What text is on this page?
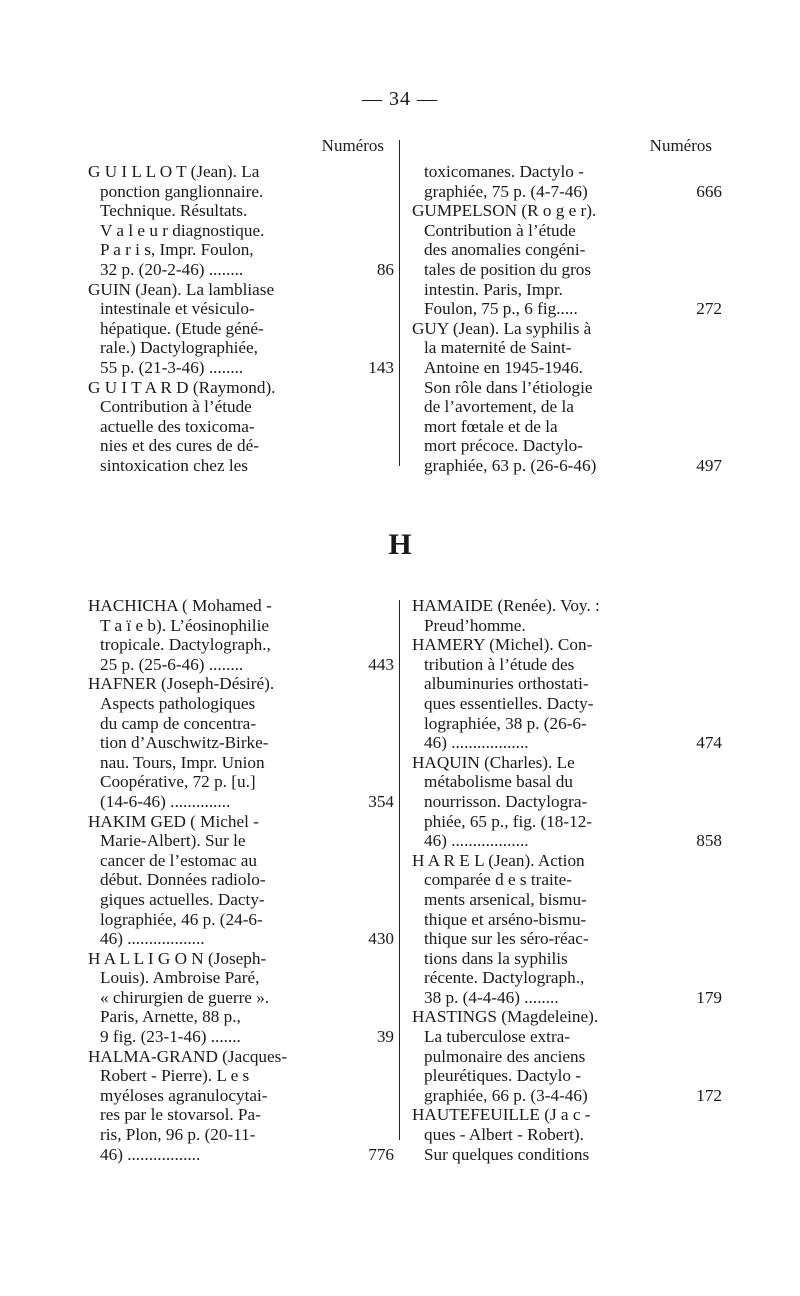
— 34 —
Numéros
G U I L L O T (Jean). La
ponction ganglionnaire.
Technique. Résultats.
V a l e u r diagnostique.
P a r i s, Impr. Foulon,
32 p. (20-2-46) ........	86
GUIN (Jean). La lambliase
intestinale et vésiculo-
hépatique. (Etude géné-
rale.) Dactylographiée,
55 p. (21-3-46) ........	143
G U I T A R D (Raymond).
Contribution à l’étude
actuelle des toxicoma-
nies et des cures de dé-
sintoxication chez les
Numéros
toxicomanes. Dactylo -
graphiée, 75 p. (4-7-46)	666
GUMPELSON (R o g e r).
Contribution à l’étude
des anomalies congéni-
tales de position du gros
intestin. Paris, Impr.
Foulon, 75 p., 6 fig.....	272
GUY (Jean). La syphilis à
la maternité de Saint-
Antoine en 1945-1946.
Son rôle dans l’étiologie
de l’avortement, de la
mort fœtale et de la
mort précoce. Dactylo-
graphiée, 63 p. (26-6-46)	497
H
HACHICHA ( Mohamed -
T a ï e b). L’éosinophilie
tropicale. Dactylograph.,
25 p. (25-6-46) ........	443
HAFNER (Joseph-Désiré).
Aspects pathologiques
du camp de concentra-
tion d’Auschwitz-Birke-
nau. Tours, Impr. Union
Coopérative, 72 p. [u.]
(14-6-46) ..............	354
HAKIM GED ( Michel -
Marie-Albert). Sur le
cancer de l’estomac au
début. Données radiolo-
giques actuelles. Dacty-
lographiée, 46 p. (24-6-
46) ..................	430
H A L L I G O N (Joseph-
Louis). Ambroise Paré,
« chirurgien de guerre ».
Paris, Arnette, 88 p.,
9 fig. (23-1-46) .......	39
HALMA-GRAND (Jacques-
Robert - Pierre). L e s
myéloses agranulocytai-
res par le stovarsol. Pa-
ris, Plon, 96 p. (20-11-
46) .................	776
HAMAIDE (Renée). Voy. :
Preud’homme.
HAMERY (Michel). Con-
tribution à l’étude des
albuminuries orthostati-
ques essentielles. Dacty-
lographiée, 38 p. (26-6-
46) ..................	474
HAQUIN (Charles). Le
métabolisme basal du
nourrisson. Dactylogra-
phiée, 65 p., fig. (18-12-
46) ..................	858
H A R E L (Jean). Action
comparée d e s traite-
ments arsenical, bismu-
thique et arséno-bismu-
thique sur les séro-réac-
tions dans la syphilis
récente. Dactylograph.,
38 p. (4-4-46) ........	179
HASTINGS (Magdeleine).
La tuberculose extra-
pulmonaire des anciens
pleurétiques. Dactylo -
graphiée, 66 p. (3-4-46)	172
HAUTEFEUILLE (J a c -
ques - Albert - Robert).
Sur quelques conditions
